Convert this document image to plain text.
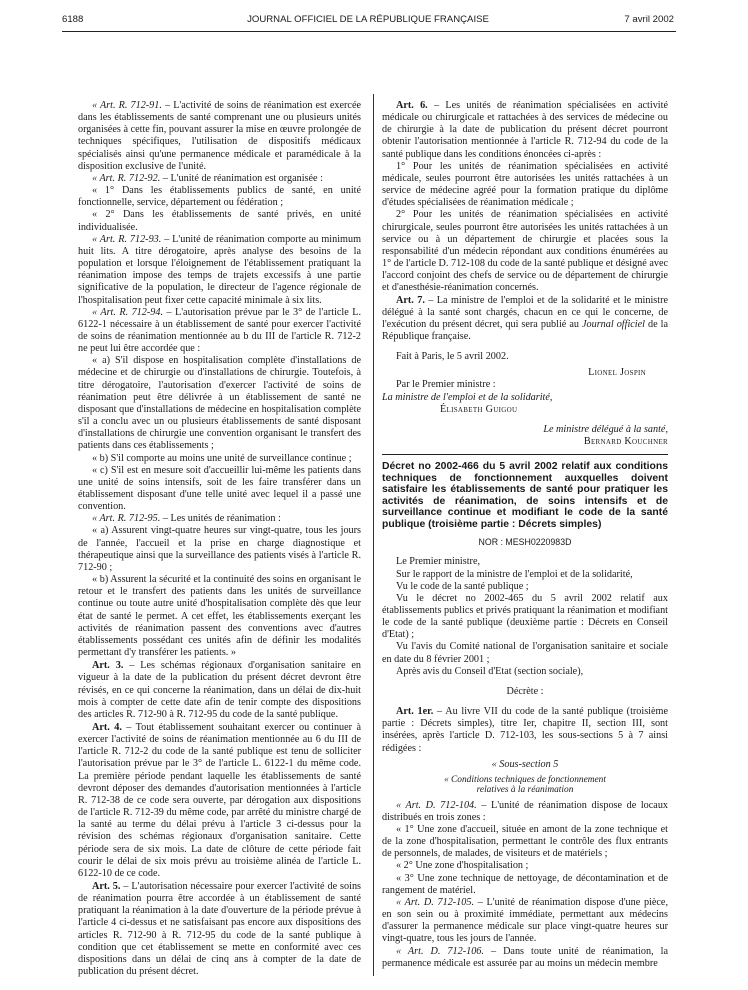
6188	JOURNAL OFFICIEL DE LA RÉPUBLIQUE FRANÇAISE	7 avril 2002

« Art. R. 712-91. – L'activité de soins de réanimation est exercée dans les établissements de santé comprenant une ou plusieurs unités organisées à cette fin, pouvant assurer la mise en œuvre prolongée de techniques spécifiques, l'utilisation de dispositifs médicaux spécialisés ainsi qu'une permanence médicale et paramédicale à la disposition exclusive de l'unité.

« Art. R. 712-92. – L'unité de réanimation est organisée :

« 1° Dans les établissements publics de santé, en unité fonctionnelle, service, département ou fédération ;

« 2° Dans les établissements de santé privés, en unité individualisée.

« Art. R. 712-93. – L'unité de réanimation comporte au minimum huit lits. A titre dérogatoire, après analyse des besoins de la population et lorsque l'éloignement de l'établissement pratiquant la réanimation impose des temps de trajets excessifs à une partie significative de la population, le directeur de l'agence régionale de l'hospitalisation peut fixer cette capacité minimale à six lits.

« Art. R. 712-94. – L'autorisation prévue par le 3° de l'article L. 6122-1 nécessaire à un établissement de santé pour exercer l'activité de soins de réanimation mentionnée au b du III de l'article R. 712-2 ne peut lui être accordée que :

« a) S'il dispose en hospitalisation complète d'installations de médecine et de chirurgie ou d'installations de chirurgie. Toutefois, à titre dérogatoire, l'autorisation d'exercer l'activité de soins de réanimation peut être délivrée à un établissement de santé ne disposant que d'installations de médecine en hospitalisation complète s'il a conclu avec un ou plusieurs établissements de santé disposant d'installations de chirurgie une convention organisant le transfert des patients dans ces établissements ;

« b) S'il comporte au moins une unité de surveillance continue ;

« c) S'il est en mesure soit d'accueillir lui-même les patients dans une unité de soins intensifs, soit de les faire transférer dans un établissement disposant d'une telle unité avec lequel il a passé une convention.

« Art. R. 712-95. – Les unités de réanimation :

« a) Assurent vingt-quatre heures sur vingt-quatre, tous les jours de l'année, l'accueil et la prise en charge diagnostique et thérapeutique ainsi que la surveillance des patients visés à l'article R. 712-90 ;

« b) Assurent la sécurité et la continuité des soins en organisant le retour et le transfert des patients dans les unités de surveillance continue ou toute autre unité d'hospitalisation complète dès que leur état de santé le permet. A cet effet, les établissements exerçant les activités de réanimation passent des conventions avec d'autres établissements possédant ces unités afin de définir les modalités permettant d'y transférer les patients. »

Art. 3. – Les schémas régionaux d'organisation sanitaire en vigueur à la date de la publication du présent décret devront être révisés, en ce qui concerne la réanimation, dans un délai de dix-huit mois à compter de cette date afin de tenir compte des dispositions des articles R. 712-90 à R. 712-95 du code de la santé publique.

Art. 4. – Tout établissement souhaitant exercer ou continuer à exercer l'activité de soins de réanimation mentionnée au 6 du III de l'article R. 712-2 du code de la santé publique est tenu de solliciter l'autorisation prévue par le 3° de l'article L. 6122-1 du même code. La première période pendant laquelle les établissements de santé devront déposer des demandes d'autorisation mentionnées à l'article R. 712-38 de ce code sera ouverte, par dérogation aux dispositions de l'article R. 712-39 du même code, par arrêté du ministre chargé de la santé au terme du délai prévu à l'article 3 ci-dessus pour la révision des schémas régionaux d'organisation sanitaire. Cette période sera de six mois. La date de clôture de cette période fait courir le délai de six mois prévu au troisième alinéa de l'article L. 6122-10 de ce code.

Art. 5. – L'autorisation nécessaire pour exercer l'activité de soins de réanimation pourra être accordée à un établissement de santé pratiquant la réanimation à la date d'ouverture de la période prévue à l'article 4 ci-dessus et ne satisfaisant pas encore aux dispositions des articles R. 712-90 à R. 712-95 du code de la santé publique à condition que cet établissement se mette en conformité avec ces dispositions dans un délai de cinq ans à compter de la date de publication du présent décret.

Art. 6. – Les unités de réanimation spécialisées en activité médicale ou chirurgicale et rattachées à des services de médecine ou de chirurgie à la date de publication du présent décret pourront obtenir l'autorisation mentionnée à l'article R. 712-94 du code de la santé publique dans les conditions énoncées ci-après :

1° Pour les unités de réanimation spécialisées en activité médicale, seules pourront être autorisées les unités rattachées à un service de médecine agréé pour la formation pratique du diplôme d'études spécialisées de réanimation médicale ;

2° Pour les unités de réanimation spécialisées en activité chirurgicale, seules pourront être autorisées les unités rattachées à un service ou à un département de chirurgie et placées sous la responsabilité d'un médecin répondant aux conditions énumérées au 1° de l'article D. 712-108 du code de la santé publique et désigné avec l'accord conjoint des chefs de service ou de département de chirurgie et d'anesthésie-réanimation concernés.

Art. 7. – La ministre de l'emploi et de la solidarité et le ministre délégué à la santé sont chargés, chacun en ce qui le concerne, de l'exécution du présent décret, qui sera publié au Journal officiel de la République française.

Fait à Paris, le 5 avril 2002.

Lionel Jospin

Par le Premier ministre :

La ministre de l'emploi et de la solidarité,

Élisabeth Guigou

Le ministre délégué à la santé,

Bernard Kouchner

Décret no 2002-466 du 5 avril 2002 relatif aux conditions techniques de fonctionnement auxquelles doivent satisfaire les établissements de santé pour pratiquer les activités de réanimation, de soins intensifs et de surveillance continue et modifiant le code de la santé publique (troisième partie : Décrets simples)

NOR : MESH0220983D

Le Premier ministre,

Sur le rapport de la ministre de l'emploi et de la solidarité,

Vu le code de la santé publique ;

Vu le décret no 2002-465 du 5 avril 2002 relatif aux établissements publics et privés pratiquant la réanimation et modifiant le code de la santé publique (deuxième partie : Décrets en Conseil d'Etat) ;

Vu l'avis du Comité national de l'organisation sanitaire et sociale en date du 8 février 2001 ;

Après avis du Conseil d'Etat (section sociale),

Décrète :

Art. 1er. – Au livre VII du code de la santé publique (troisième partie : Décrets simples), titre Ier, chapitre II, section III, sont insérées, après l'article D. 712-103, les sous-sections 5 à 7 ainsi rédigées :

« Sous-section 5

« Conditions techniques de fonctionnement relatives à la réanimation

« Art. D. 712-104. – L'unité de réanimation dispose de locaux distribués en trois zones :

« 1° Une zone d'accueil, située en amont de la zone technique et de la zone d'hospitalisation, permettant le contrôle des flux entrants de personnels, de malades, de visiteurs et de matériels ;

« 2° Une zone d'hospitalisation ;

« 3° Une zone technique de nettoyage, de décontamination et de rangement de matériel.

« Art. D. 712-105. – L'unité de réanimation dispose d'une pièce, en son sein ou à proximité immédiate, permettant aux médecins d'assurer la permanence médicale sur place vingt-quatre heures sur vingt-quatre, tous les jours de l'année.

« Art. D. 712-106. – Dans toute unité de réanimation, la permanence médicale est assurée par au moins un médecin membre
